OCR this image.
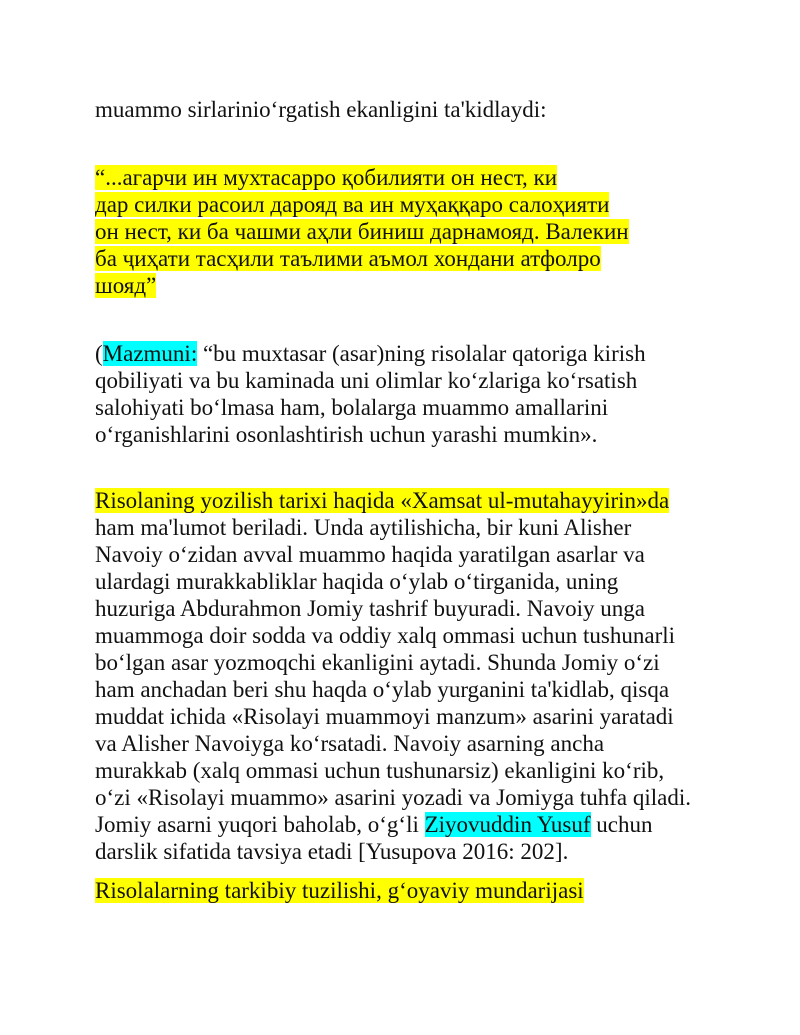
muammo sirlarinio‘rgatish ekanligini ta'kidlaydi:
“...агарчи ин мухтасарро қобилияти он нест, ки
дар силки расоил дарояд ва ин муҳаққаро салоҳияти
он нест, ки ба чашми аҳли биниш дарнамояд. Валекин
ба ҷиҳати тасҳили таълими аъмол хондани атфолро
шояд”
(Mazmuni: “bu muxtasar (asar)ning risolalar qatoriga kirish
qobiliyati va bu kaminada uni olimlar ko‘zlariga ko‘rsatish
salohiyati bo‘lmasa ham, bolalarga muammo amallarini
o‘rganishlarini osonlashtirish uchun yarashi mumkin».
Risolaning yozilish tarixi haqida «Xamsat ul-mutahayyirin»da
ham ma'lumot beriladi. Unda aytilishicha, bir kuni Alisher
Navoiy o‘zidan avval muammo haqida yaratilgan asarlar va
ulardagi murakkabliklar haqida o‘ylab o‘tirganida, uning
huzuriga Abdurahmon Jomiy tashrif buyuradi. Navoiy unga
muammoga doir sodda va oddiy xalq ommasi uchun tushunarli
bo‘lgan asar yozmoqchi ekanligini aytadi. Shunda Jomiy o‘zi
ham anchadan beri shu haqda o‘ylab yurganini ta'kidlab, qisqa
muddat ichida «Risolayi muammoyi manzum» asarini yaratadi
va Alisher Navoiyga ko‘rsatadi. Navoiy asarning ancha
murakkab (xalq ommasi uchun tushunarsiz) ekanligini ko‘rib,
o‘zi «Risolayi muammo» asarini yozadi va Jomiyga tuhfa qiladi.
Jomiy asarni yuqori baholab, o‘g‘li Ziyovuddin Yusuf uchun
darslik sifatida tavsiya etadi [Yusupova 2016: 202].
Risolalarning tarkibiy tuzilishi, g‘oyaviy mundarijasi
